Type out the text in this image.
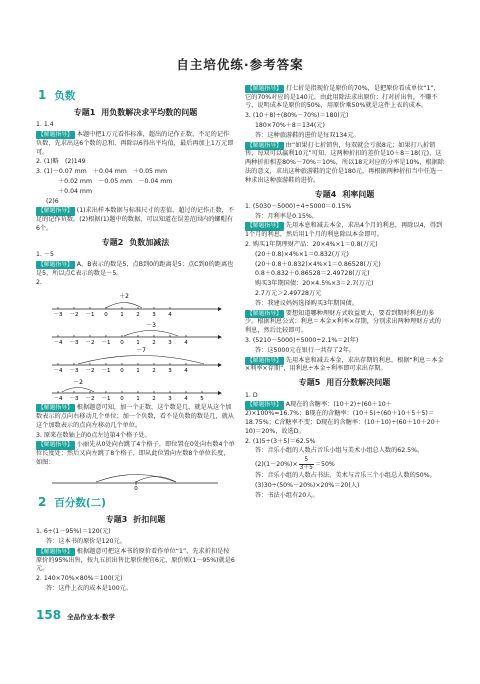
自主培优练·参考答案
1 负数
专题1 用负数解决求平均数的问题
1. 1.4
【解题指导】 本题中把1万元看作标准，超出的记作正数，不足的记作负数，先求出这6个数的总和，再除以6得出平均值，最后再加上1万元即可。
2. (1)略　(2)149
3. (1)－0.07 mm　＋0.04 mm　＋0.05 mm
＋0.02 mm　－0.05 mm　－0.04 mm
＋0.04 mm
(2)6
【解题指导】 (1)求出样本数据与标准尺寸的差值，超过的记作正数，不足的记作负数。(2)根据(1)题中的数据，可以知道在误差范围内的螺帽有6个。
专题2 负数加减法
1. －5
【解题指导】 A、B表示的数是5，点B到0的距离是5；点C到0的距离也是5，所以点C表示的数是－5。
2.
＋2
－3 －2 －1 0 1 2 3 4
－3
－4 －3 －2 －1 0 1 2 3 4
－7
－4 －3 －2 －1 0 1 2 3 4
－2
－4 －3 －2 －1 0 1 2 3 4 5
【解题指导】 根据题意可知，加一个正数，这个数是几，就是从这个加数表示的点向右移动几个单位；加一个负数，看不是负数的数是几，就从这个加数表示的点向左移动几个单位。
3. 原来在数轴上的0点左边第4个格子处。
【解题指导】 小丽先从0处向右跳了4个格子，即位置在0处向右数4个单位长度处；然后又向左跳了8个格子，即从此位置向左数8个单位长度，如图：
0
2 百分数(二)
专题3 折扣问题
1. 6÷(1－95%)＝120(元)
答：这本书的原价是120元。
【解题指导】 根据题意可把这本书的原价看作单位“1”，先求折扣是按原价的95%出售，按九五折出售比原价便宜6元，原价则(1－95%)就是6元。
2. 140×70%×80%＝100(元)
答：这件上衣的成本是100元。
【解题指导】 打七折是指现价是原价的70%，是把原价看成单位“1”，它的70%对应的是140元，由此用除法求出原价；打对折出售，不赚不亏，说明成本是原价的50%，用原价乘50%就是这件上衣的成本。
3. (10＋8)÷(80%－70%)＝180(元)
180×70%＋8＝134(元)
答：这种旅游鞋的进价是每双134元。
【解题指导】 由“如果打七折销售，每双就会亏损8元；如果打八折销售，每双可以赢利10元”可知，这两种折扣的差价是10＋8＝18(元)，这两种折扣相差80%－70%＝10%，所以18元对应的分率是10%，根据除法的意义，求出这种旅游鞋的定价是180元，再根据两种折扣当中任选一种求出这种旅游鞋的进价。
专题4 利率问题
1. (5030－5000)÷4÷5000＝0.15%
答：月利率是0.15%。
【解题指导】 先用本息和减去本金，求出4个月的利息，再除以4，得到1个月的利息，然后用1个月的利息除以本金即可。
2. 购买1年期理财产品：20×4%×1＝0.8(万元)
(20＋0.8)×4%×1＝0.832(万元)
(20＋0.8＋0.832)×4%×1＝0.86528(万元)
0.8＋0.832＋0.86528＝2.49728(万元)
购买3年期国债：20×4.5%×3＝2.7(万元)
2.7万元＞2.49728万元
答：我建议妈妈选择购买3年期国债。
【解题指导】 要想知道哪种理财方式收益更大，要看到期时利息的多少。根据利息公式：利息＝本金×利率×存期，分别求出两种理财方式的利息，然后比较即可。
3. (5210－5000)÷5000÷2.1%＝2(年)
答：这5000元在银行一共存了2年。
【解题指导】 先用本息和减去本金，求出存期的利息，根据“利息＝本金×利率×存期”，用利息÷本金÷利率即可求出存期。
专题5 用百分数解决问题
1. D
【解题指导】 A现在的含糖率：(10＋2)÷(60＋10＋2)×100%≈16.7%；B现在的含糖率：(10＋5)÷(60＋10＋5＋5)＝18.75%；C含糖率不变；D现在的含糖率：(10＋10)÷(60＋10＋20＋10)＝20%，故选D。
2. (1)5÷(3＋5)＝62.5%
答：音乐小组的人数占音乐小组与美术小组总人数的62.5%。
$(2)(1-20\%)\times \frac{5}{3+5} =50\%$
答：音乐小组的人数占书法、美术与音乐三个小组总人数的50%。
(3)30÷(50%－20%)×20%＝20(人)
答：书法小组有20人。
158 全品作业本·数学
